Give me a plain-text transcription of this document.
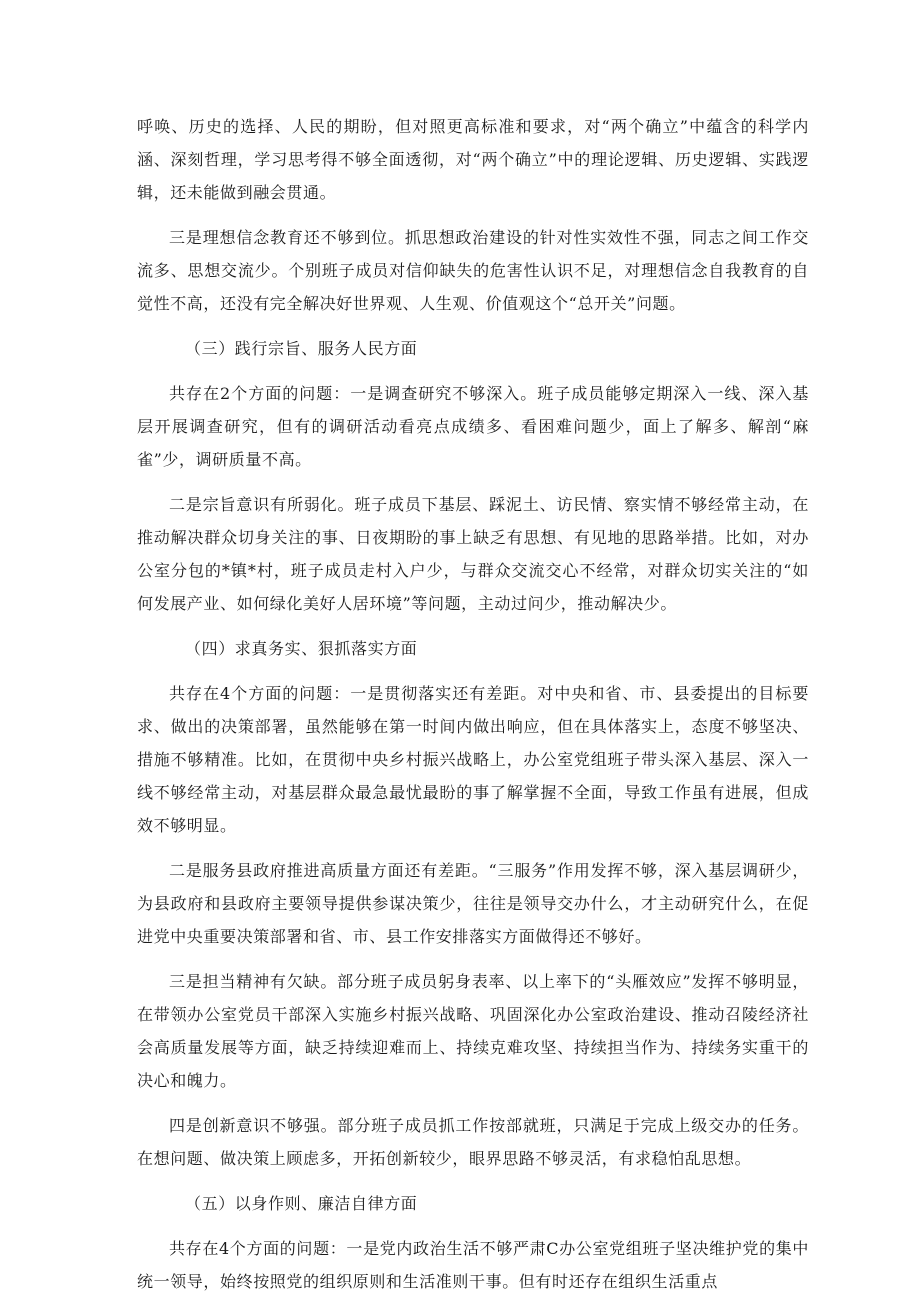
呼唤、历史的选择、人民的期盼，但对照更高标准和要求，对“两个确立”中蕴含的科学内涵、深刻哲理，学习思考得不够全面透彻，对“两个确立”中的理论逻辑、历史逻辑、实践逻辑，还未能做到融会贯通。

三是理想信念教育还不够到位。抓思想政治建设的针对性实效性不强，同志之间工作交流多、思想交流少。个别班子成员对信仰缺失的危害性认识不足，对理想信念自我教育的自觉性不高，还没有完全解决好世界观、人生观、价值观这个“总开关”问题。

（三）践行宗旨、服务人民方面

共存在2个方面的问题：一是调查研究不够深入。班子成员能够定期深入一线、深入基层开展调查研究，但有的调研活动看亮点成绩多、看困难问题少，面上了解多、解剖“麻雀”少，调研质量不高。

二是宗旨意识有所弱化。班子成员下基层、踩泥土、访民情、察实情不够经常主动，在推动解决群众切身关注的事、日夜期盼的事上缺乏有思想、有见地的思路举措。比如，对办公室分包的*镇*村，班子成员走村入户少，与群众交流交心不经常，对群众切实关注的“如何发展产业、如何绿化美好人居环境”等问题，主动过问少，推动解决少。

（四）求真务实、狠抓落实方面

共存在4个方面的问题：一是贯彻落实还有差距。对中央和省、市、县委提出的目标要求、做出的决策部署，虽然能够在第一时间内做出响应，但在具体落实上，态度不够坚决、措施不够精准。比如，在贯彻中央乡村振兴战略上，办公室党组班子带头深入基层、深入一线不够经常主动，对基层群众最急最忧最盼的事了解掌握不全面，导致工作虽有进展，但成效不够明显。

二是服务县政府推进高质量方面还有差距。“三服务”作用发挥不够，深入基层调研少，为县政府和县政府主要领导提供参谋决策少，往往是领导交办什么，才主动研究什么，在促进党中央重要决策部署和省、市、县工作安排落实方面做得还不够好。

三是担当精神有欠缺。部分班子成员躬身表率、以上率下的“头雁效应”发挥不够明显，在带领办公室党员干部深入实施乡村振兴战略、巩固深化办公室政治建设、推动召陵经济社会高质量发展等方面，缺乏持续迎难而上、持续克难攻坚、持续担当作为、持续务实重干的决心和魄力。

四是创新意识不够强。部分班子成员抓工作按部就班，只满足于完成上级交办的任务。在想问题、做决策上顾虑多，开拓创新较少，眼界思路不够灵活，有求稳怕乱思想。

（五）以身作则、廉洁自律方面

共存在4个方面的问题：一是党内政治生活不够严肃C办公室党组班子坚决维护党的集中统一领导，始终按照党的组织原则和生活准则干事。但有时还存在组织生活重点
